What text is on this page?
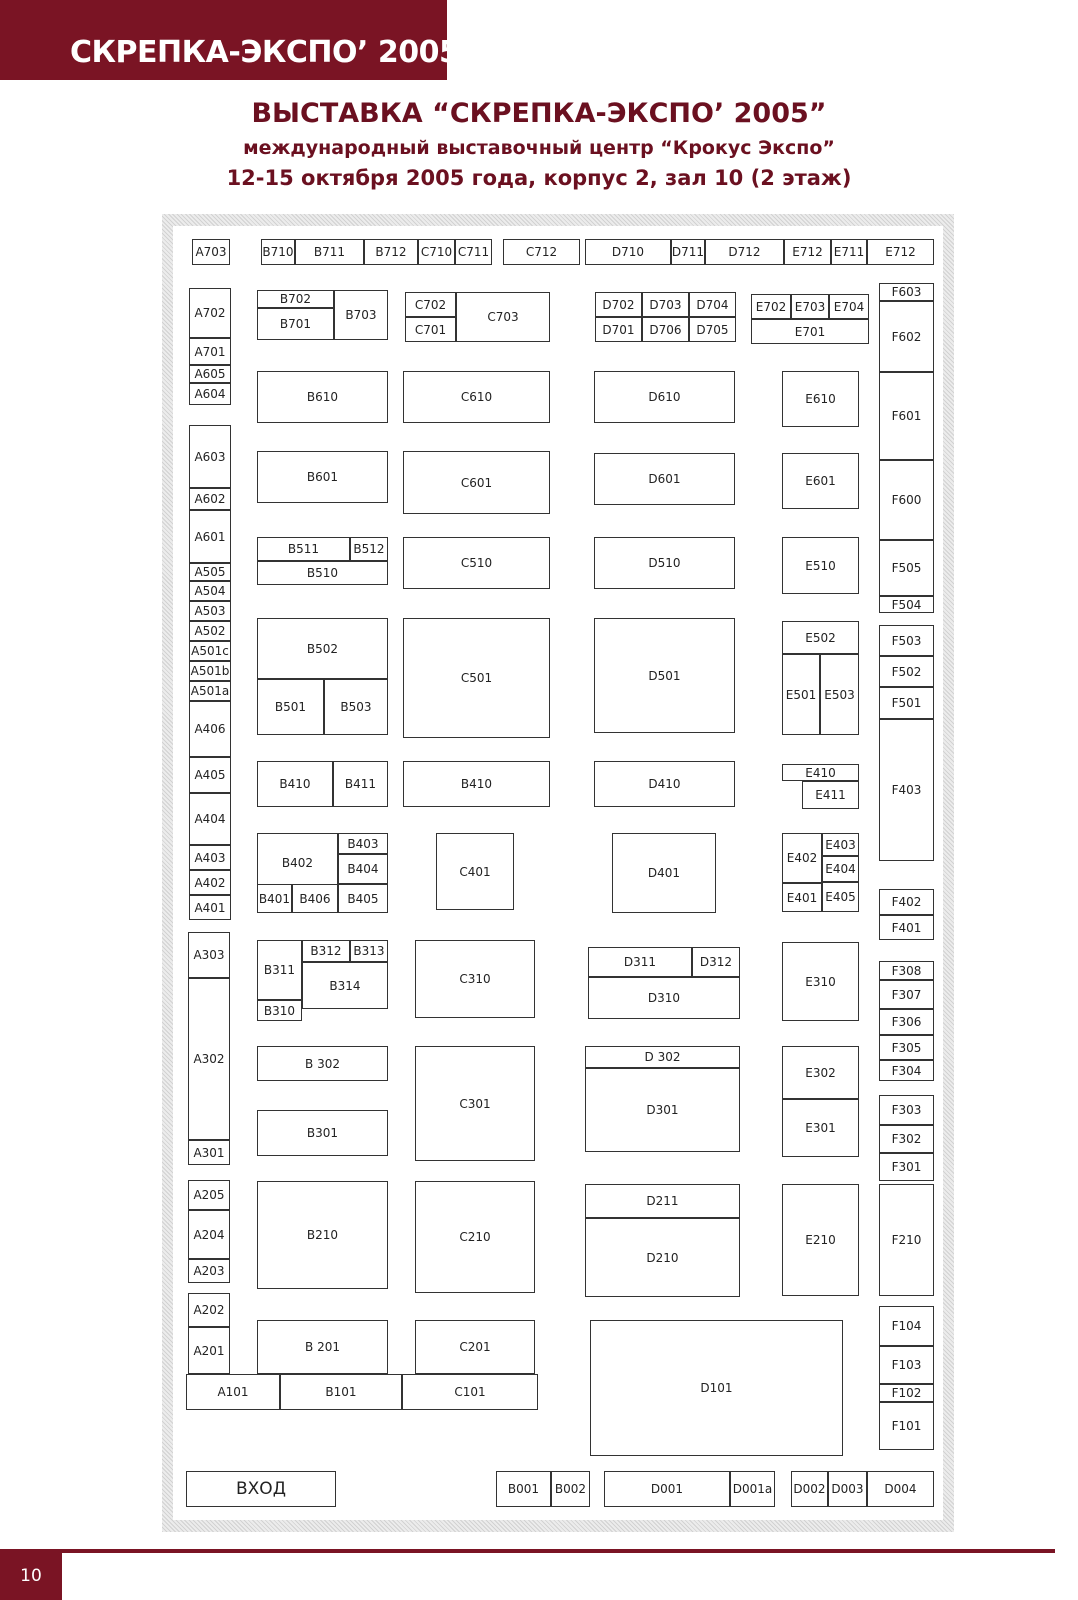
СКРЕПКА-ЭКСПО’ 2005
ВЫСТАВКА “СКРЕПКА-ЭКСПО’ 2005”
международный выставочный центр “Крокус Экспо”
12-15 октября 2005 года, корпус 2, зал 10 (2 этаж)
A703	B710	B711	B712	C710 C711	C712	D710	D711	D712	E712 E711	E712
F603
A702
A701
A605
A604
A603
A602
A601
A505
A504
A503
A502
A501c
A501b
A501a
A406
A405
A404
A403
A402
A401
A303
A302
A301
A205
A204
A203
A202
A201
A101	B101	C101
B702
B701
B703
C702
C701
C703
D702	D703	D704
D701	D706	D705
E702 E703 E704
E701
B610	C610	D610	E610
F602
F601
B601	C601	D601	E601
F600
B511	B512
B510
C510	D510	E510	F505
F504
B502
B501	B503
C501	D501
E502
E501 E503
F503
F502
F501
B410	B411	B410	D410
E410
E411	F403
B402
B403
B404
B401 B406	B405
C401	D401
E402
E403
E404
E401 E405	F402
F401
B311
B312 B313
B314
B310
C310
D311	D312
D310
E310
F308
F307
F306
F305
F304
B 302
C301
D 302
D301
E302
E301
B301
F303
F302
F301
B210	C210
D211
D210
E210	F210
B 201	C201
D101
F104
F103
F102
F101
B001	B002	D001	D001a D002 D003	D004
ВХОД
10
